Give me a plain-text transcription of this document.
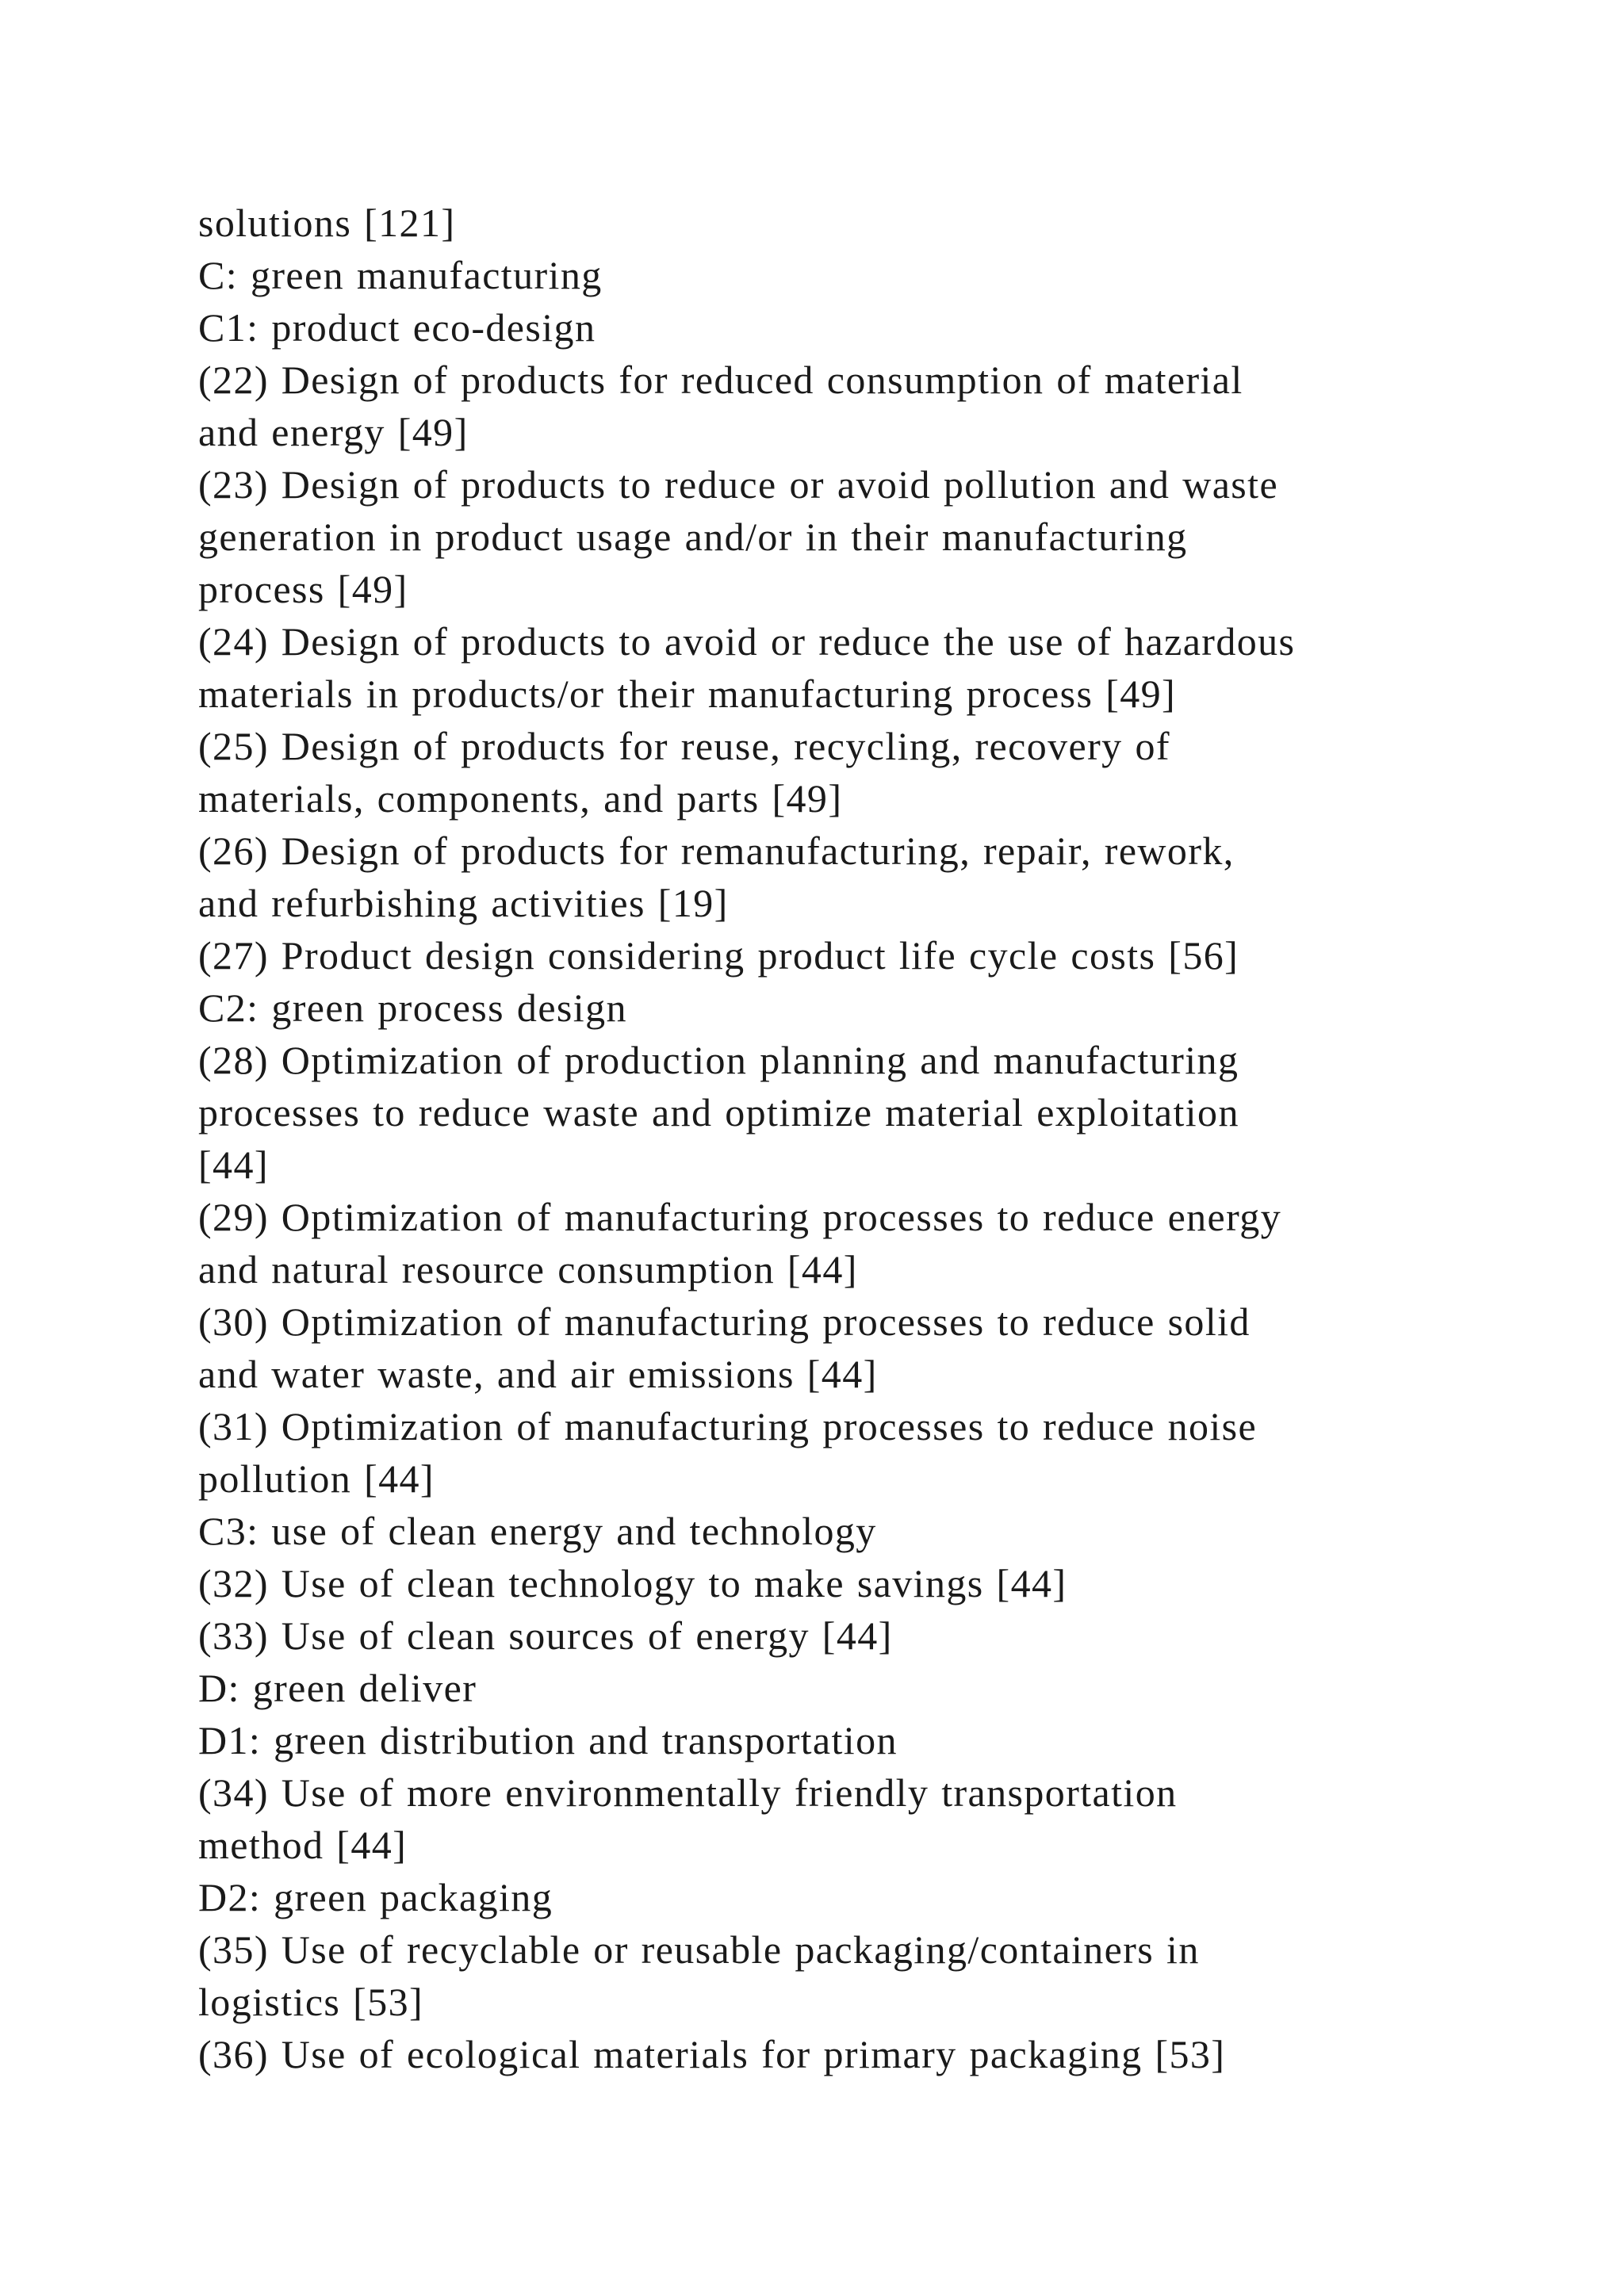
solutions [121]
C: green manufacturing
C1: product eco-design
(22) Design of products for reduced consumption of material
and energy [49]
(23) Design of products to reduce or avoid pollution and waste
generation in product usage and/or in their manufacturing
process [49]
(24) Design of products to avoid or reduce the use of hazardous
materials in products/or their manufacturing process [49]
(25) Design of products for reuse, recycling, recovery of
materials, components, and parts [49]
(26) Design of products for remanufacturing, repair, rework,
and refurbishing activities [19]
(27) Product design considering product life cycle costs [56]
C2: green process design
(28) Optimization of production planning and manufacturing
processes to reduce waste and optimize material exploitation
[44]
(29) Optimization of manufacturing processes to reduce energy
and natural resource consumption [44]
(30) Optimization of manufacturing processes to reduce solid
and water waste, and air emissions [44]
(31) Optimization of manufacturing processes to reduce noise
pollution [44]
C3: use of clean energy and technology
(32) Use of clean technology to make savings [44]
(33) Use of clean sources of energy [44]
D: green deliver
D1: green distribution and transportation
(34) Use of more environmentally friendly transportation
method [44]
D2: green packaging
(35) Use of recyclable or reusable packaging/containers in
logistics [53]
(36) Use of ecological materials for primary packaging [53]
